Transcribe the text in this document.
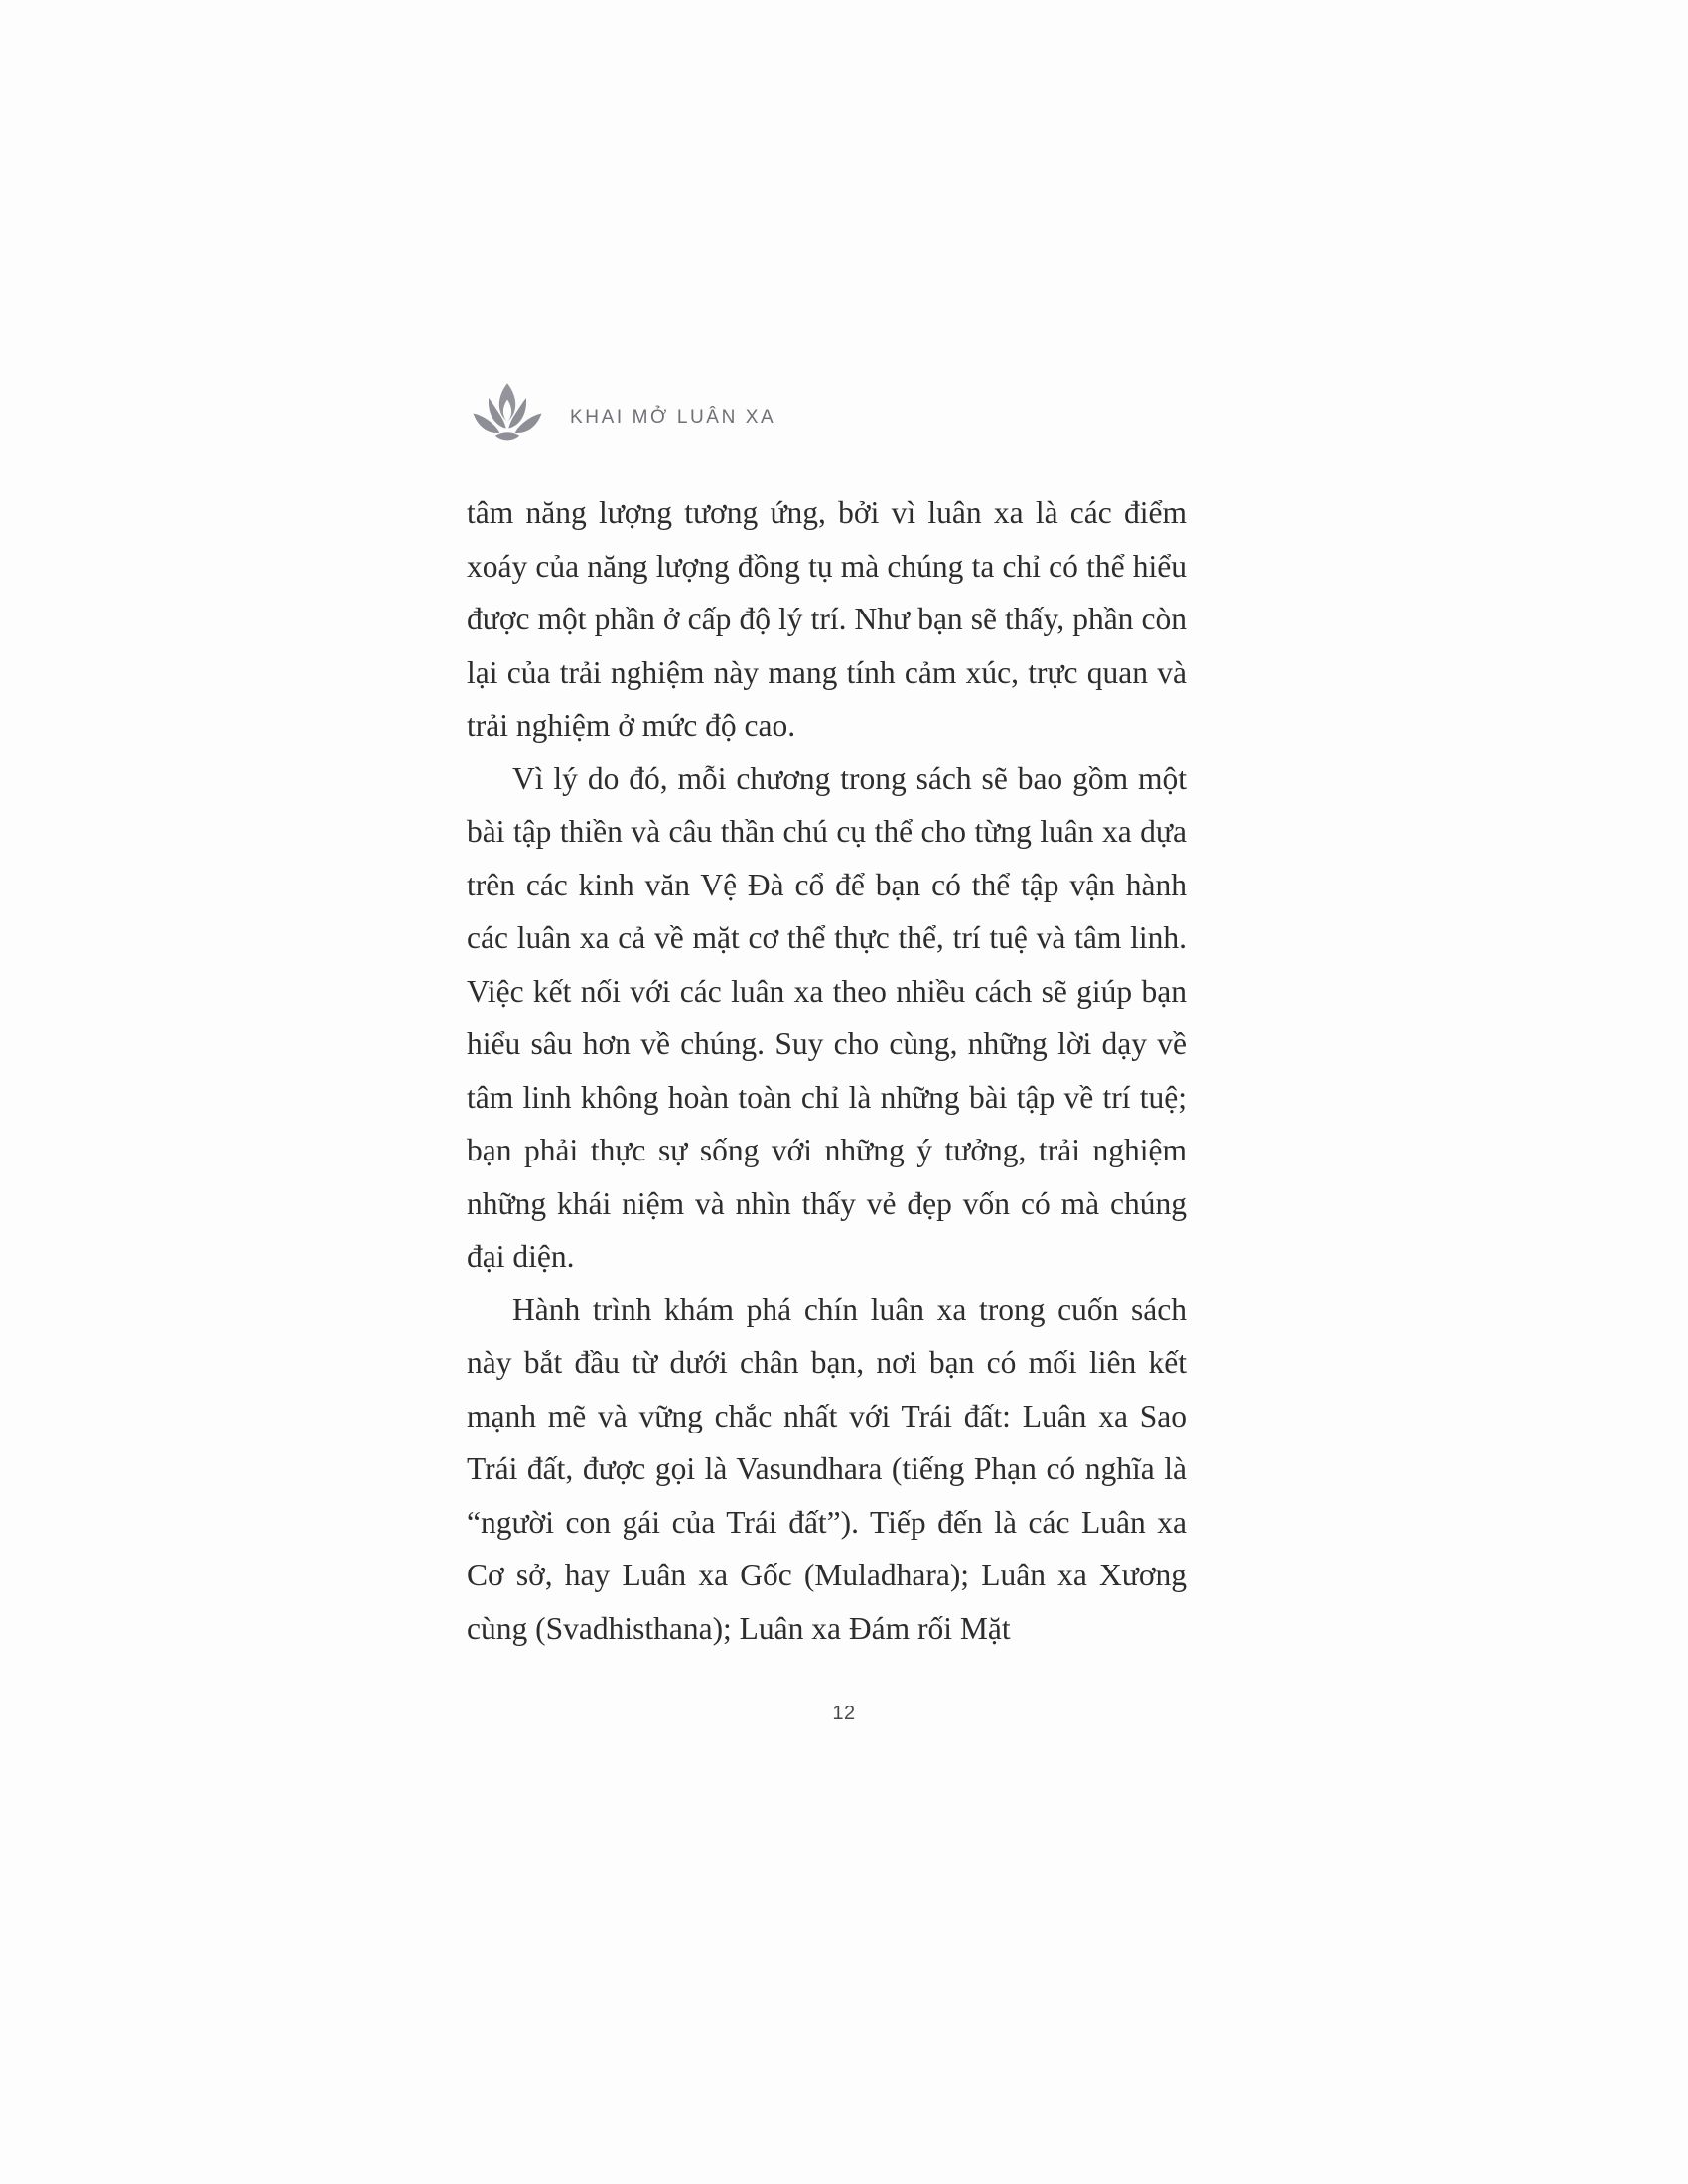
KHAI MỞ LUÂN XA

tâm năng lượng tương ứng, bởi vì luân xa là các điểm xoáy của năng lượng đồng tụ mà chúng ta chỉ có thể hiểu được một phần ở cấp độ lý trí. Như bạn sẽ thấy, phần còn lại của trải nghiệm này mang tính cảm xúc, trực quan và trải nghiệm ở mức độ cao.

Vì lý do đó, mỗi chương trong sách sẽ bao gồm một bài tập thiền và câu thần chú cụ thể cho từng luân xa dựa trên các kinh văn Vệ Đà cổ để bạn có thể tập vận hành các luân xa cả về mặt cơ thể thực thể, trí tuệ và tâm linh. Việc kết nối với các luân xa theo nhiều cách sẽ giúp bạn hiểu sâu hơn về chúng. Suy cho cùng, những lời dạy về tâm linh không hoàn toàn chỉ là những bài tập về trí tuệ; bạn phải thực sự sống với những ý tưởng, trải nghiệm những khái niệm và nhìn thấy vẻ đẹp vốn có mà chúng đại diện.

Hành trình khám phá chín luân xa trong cuốn sách này bắt đầu từ dưới chân bạn, nơi bạn có mối liên kết mạnh mẽ và vững chắc nhất với Trái đất: Luân xa Sao Trái đất, được gọi là Vasundhara (tiếng Phạn có nghĩa là “người con gái của Trái đất”). Tiếp đến là các Luân xa Cơ sở, hay Luân xa Gốc (Muladhara); Luân xa Xương cùng (Svadhisthana); Luân xa Đám rối Mặt

12
